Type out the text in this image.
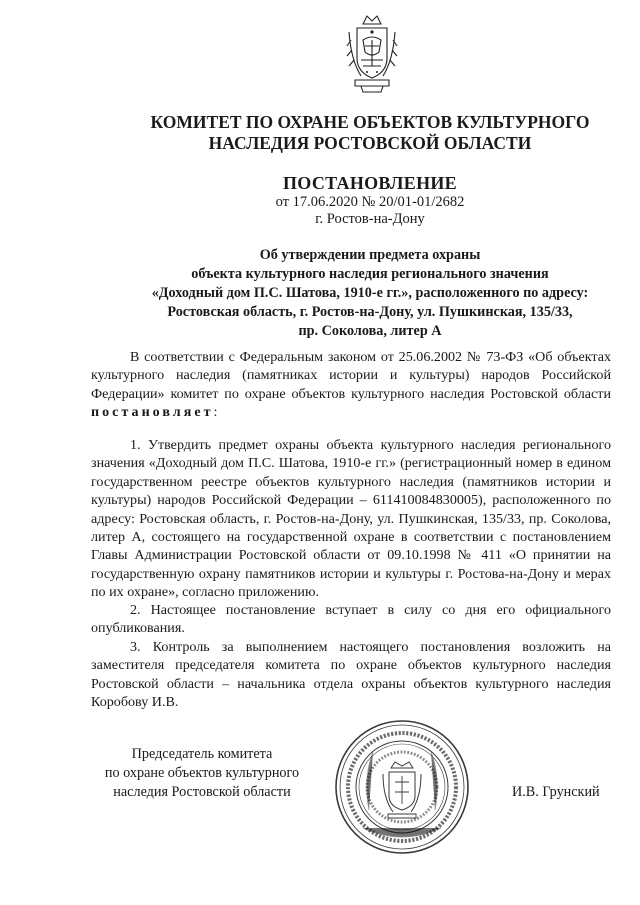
КОМИТЕТ ПО ОХРАНЕ ОБЪЕКТОВ КУЛЬТУРНОГО
НАСЛЕДИЯ РОСТОВСКОЙ ОБЛАСТИ
ПОСТАНОВЛЕНИЕ
от 17.06.2020 № 20/01-01/2682
г. Ростов-на-Дону
Об утверждении предмета охраны
объекта культурного наследия регионального значения
«Доходный дом П.С. Шатова, 1910-е гг.», расположенного по адресу:
Ростовская область, г. Ростов-на-Дону, ул. Пушкинская, 135/33,
пр. Соколова, литер А
В соответствии с Федеральным законом от 25.06.2002 № 73-ФЗ «Об объектах культурного наследия (памятниках истории и культуры) народов Российской Федерации» комитет по охране объектов культурного наследия Ростовской области постановляет:
1. Утвердить предмет охраны объекта культурного наследия регионального значения «Доходный дом П.С. Шатова, 1910-е гг.» (регистрационный номер в едином государственном реестре объектов культурного наследия (памятников истории и культуры) народов Российской Федерации – 611410084830005), расположенного по адресу: Ростовская область, г. Ростов-на-Дону, ул. Пушкинская, 135/33, пр. Соколова, литер А, состоящего на государственной охране в соответствии с постановлением Главы Администрации Ростовской области от 09.10.1998 № 411 «О принятии на государственную охрану памятников истории и культуры г. Ростова-на-Дону и мерах по их охране», согласно приложению.
2. Настоящее постановление вступает в силу со дня его официального опубликования.
3. Контроль за выполнением настоящего постановления возложить на заместителя председателя комитета по охране объектов культурного наследия Ростовской области – начальника отдела охраны объектов культурного наследия Коробову И.В.
Председатель комитета
по охране объектов культурного
наследия Ростовской области	И.В. Грунский
